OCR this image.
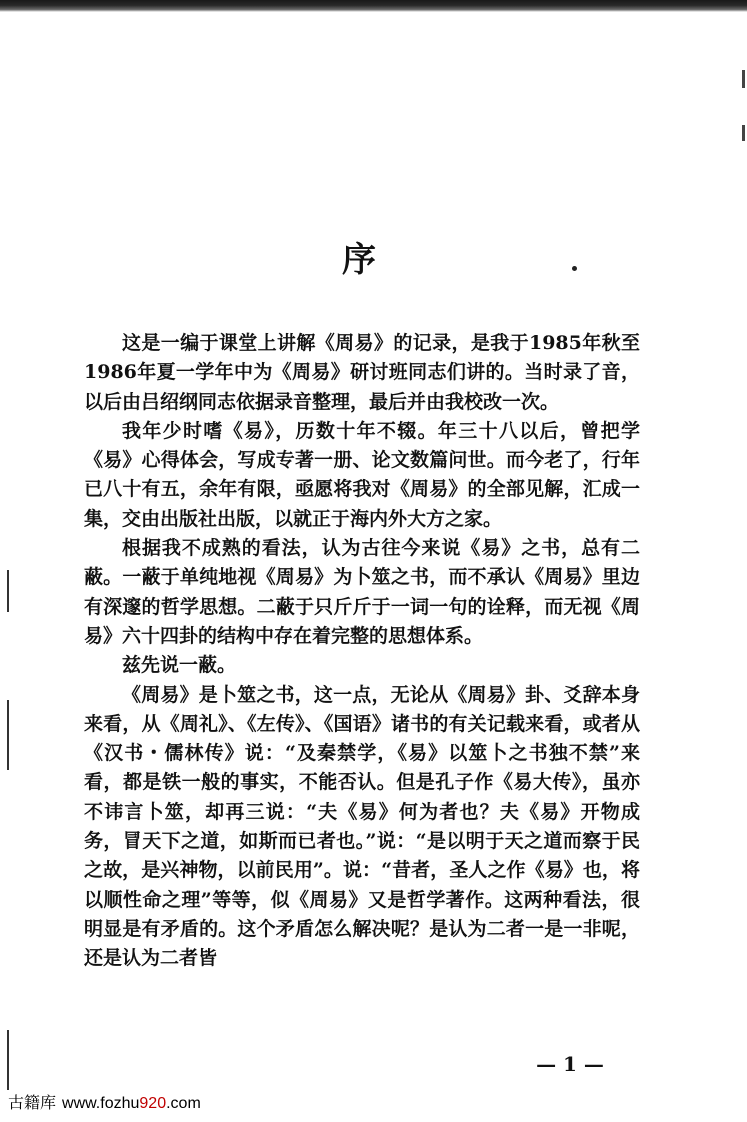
序

这是一编于课堂上讲解《周易》的记录，是我于1985年秋至1986年夏一学年中为《周易》研讨班同志们讲的。当时录了音，以后由吕绍纲同志依据录音整理，最后并由我校改一次。

我年少时嗜《易》，历数十年不辍。年三十八以后，曾把学《易》心得体会，写成专著一册、论文数篇问世。而今老了，行年已八十有五，余年有限，亟愿将我对《周易》的全部见解，汇成一集，交由出版社出版，以就正于海内外大方之家。

根据我不成熟的看法，认为古往今来说《易》之书，总有二蔽。一蔽于单纯地视《周易》为卜筮之书，而不承认《周易》里边有深邃的哲学思想。二蔽于只斤斤于一词一句的诠释，而无视《周易》六十四卦的结构中存在着完整的思想体系。

兹先说一蔽。

《周易》是卜筮之书，这一点，无论从《周易》卦、爻辞本身来看，从《周礼》、《左传》、《国语》诸书的有关记载来看，或者从《汉书・儒林传》说：“及秦禁学，《易》以筮卜之书独不禁”来看，都是铁一般的事实，不能否认。但是孔子作《易大传》，虽亦不讳言卜筮，却再三说：“夫《易》何为者也？夫《易》开物成务，冒天下之道，如斯而已者也。”说：“是以明于天之道而察于民之故，是兴神物，以前民用”。说：“昔者，圣人之作《易》也，将以顺性命之理”等等，似《周易》又是哲学著作。这两种看法，很明显是有矛盾的。这个矛盾怎么解决呢？是认为二者一是一非呢，还是认为二者皆

— 1 —
古籍库 www.fozhu920.com
